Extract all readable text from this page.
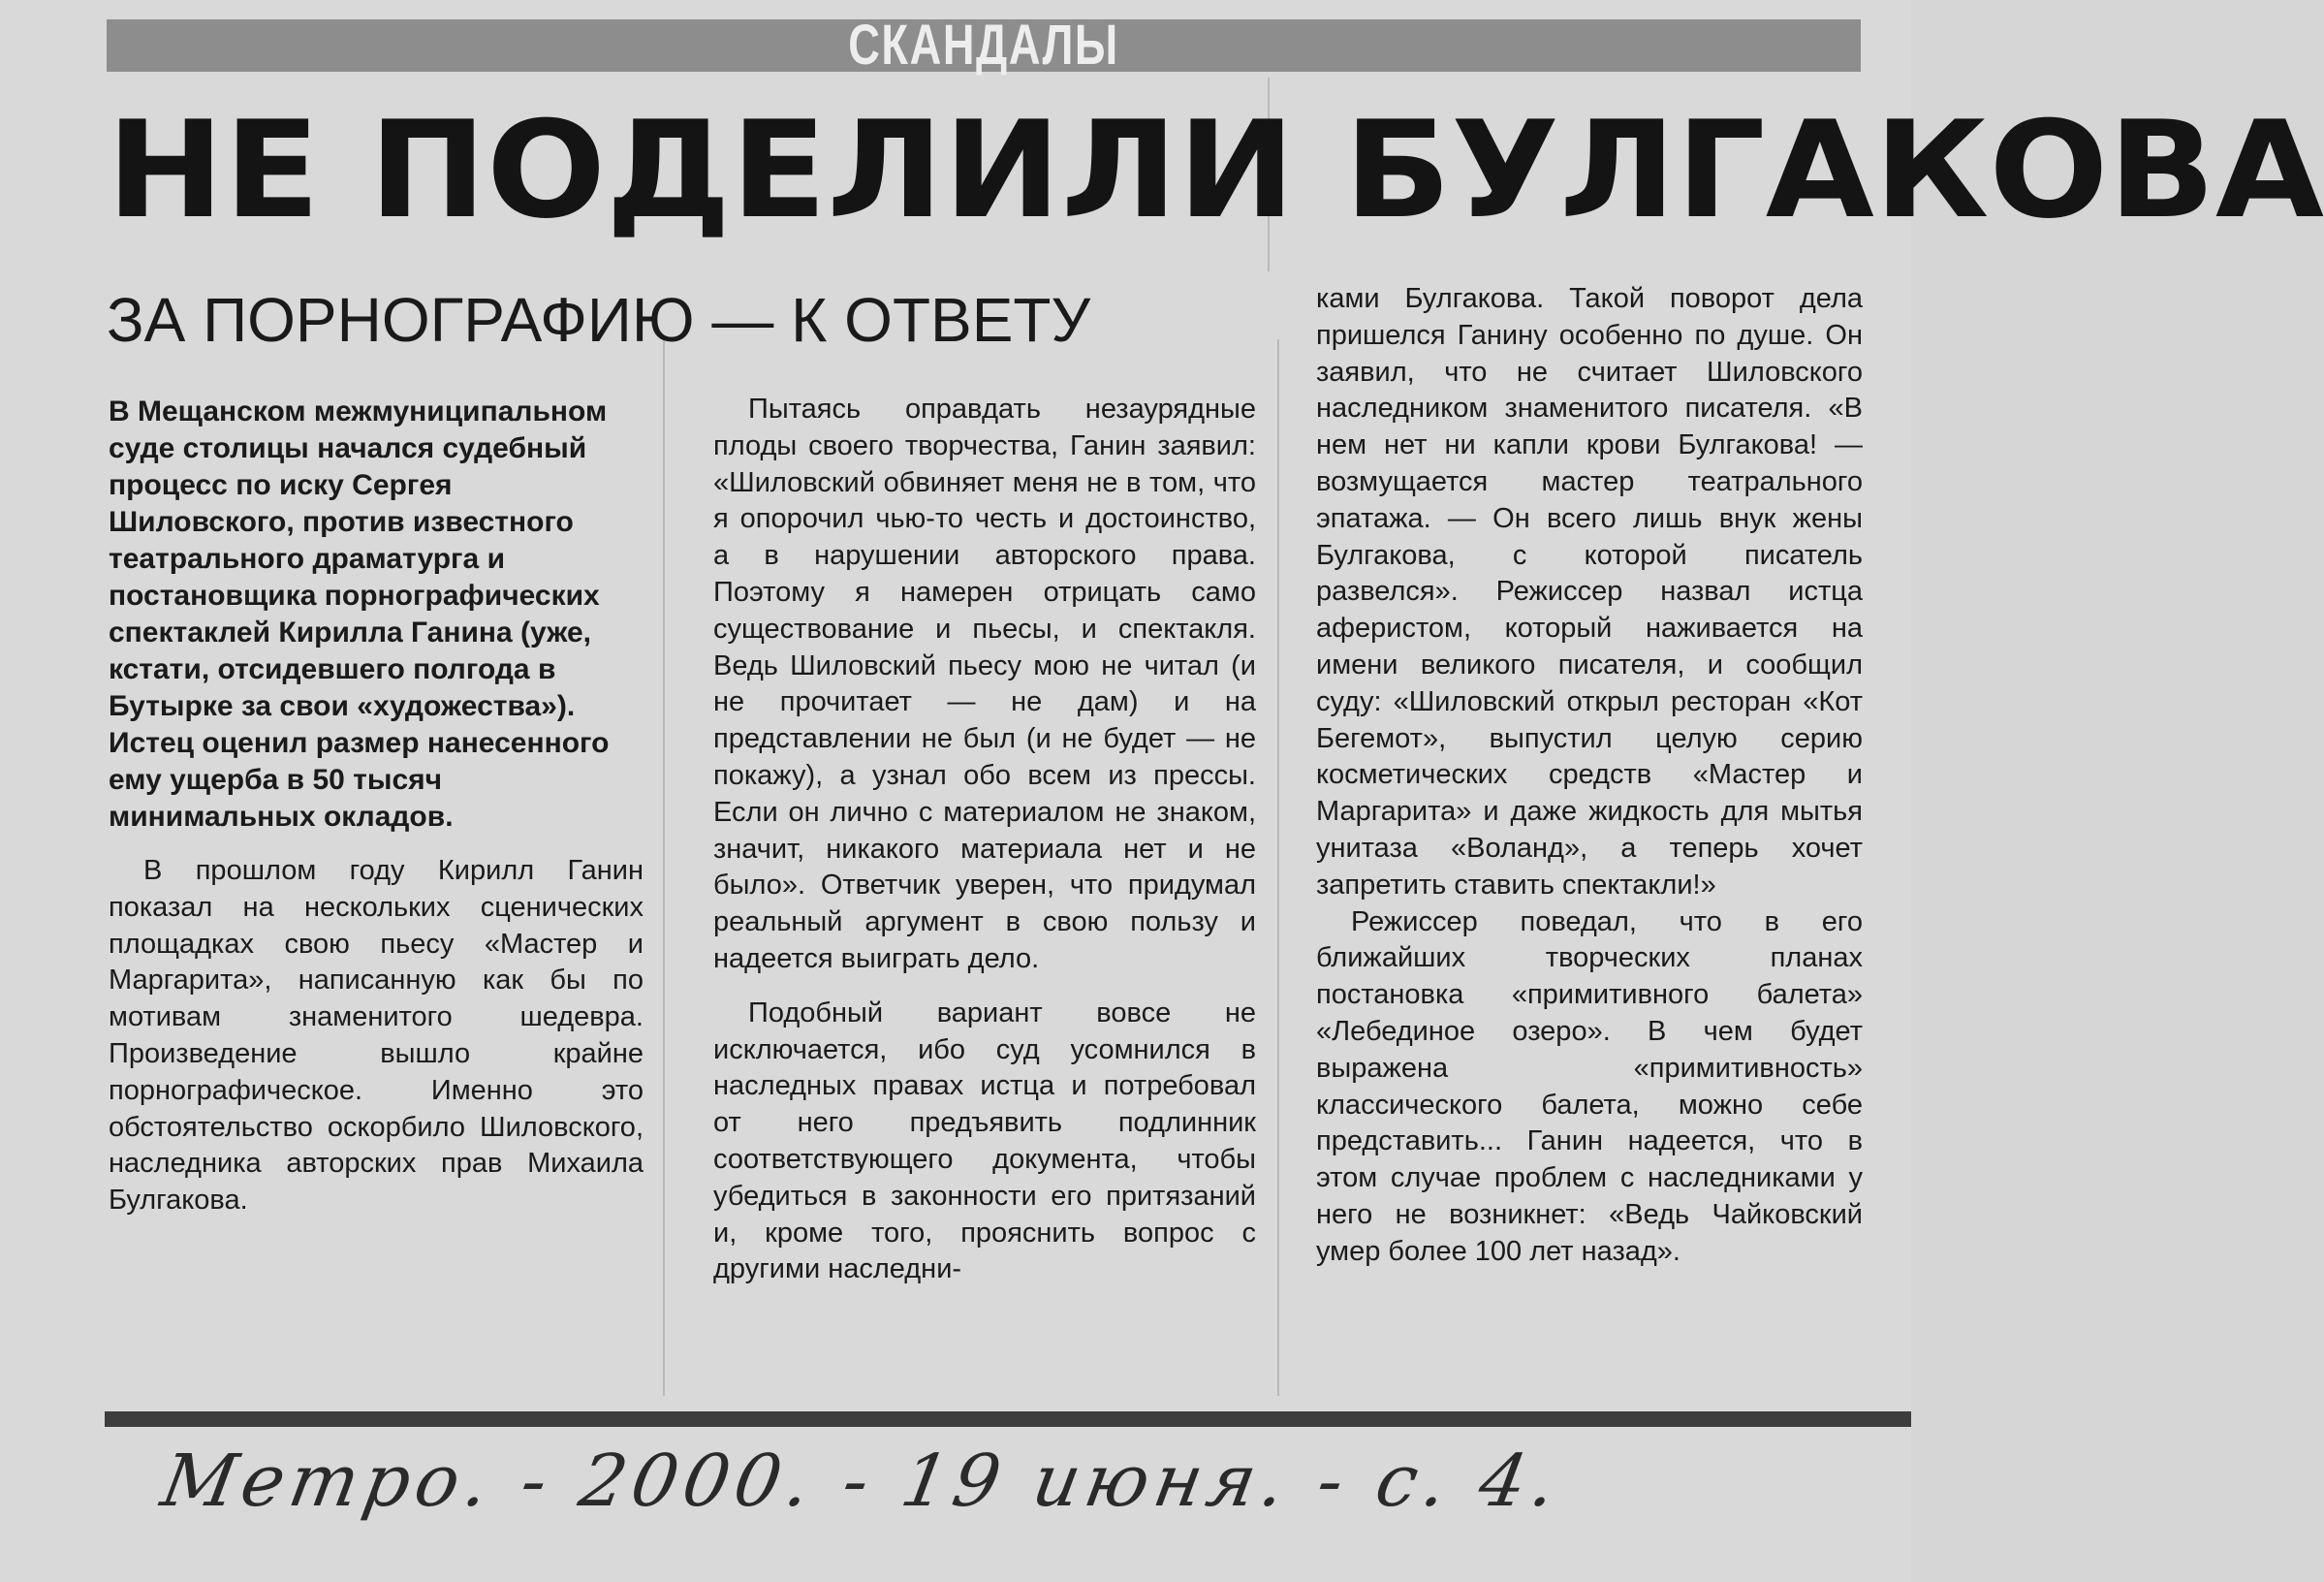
СКАНДАЛЫ
НЕ ПОДЕЛИЛИ БУЛГАКОВА
ЗА ПОРНОГРАФИЮ — К ОТВЕТУ

В Мещанском межмуниципальном суде столицы начался судебный процесс по иску Сергея Шиловского, против известного театрального драматурга и постановщика порнографических спектаклей Кирилла Ганина (уже, кстати, отсидевшего полгода в Бутырке за свои «художества»). Истец оценил размер нанесенного ему ущерба в 50 тысяч минимальных окладов.

В прошлом году Кирилл Ганин показал на нескольких сценических площадках свою пьесу «Мастер и Маргарита», написанную как бы по мотивам знаменитого шедевра. Произведение вышло крайне порнографическое. Именно это обстоятельство оскорбило Шиловского, наследника авторских прав Михаила Булгакова.

Пытаясь оправдать незаурядные плоды своего творчества, Ганин заявил: «Шиловский обвиняет меня не в том, что я опорочил чью-то честь и достоинство, а в нарушении авторского права. Поэтому я намерен отрицать само существование и пьесы, и спектакля. Ведь Шиловский пьесу мою не читал (и не прочитает — не дам) и на представлении не был (и не будет — не покажу), а узнал обо всем из прессы. Если он лично с материалом не знаком, значит, никакого материала нет и не было». Ответчик уверен, что придумал реальный аргумент в свою пользу и надеется выиграть дело.

Подобный вариант вовсе не исключается, ибо суд усомнился в наследных правах истца и потребовал от него предъявить подлинник соответствующего документа, чтобы убедиться в законности его притязаний и, кроме того, прояснить вопрос с другими наследни-

ками Булгакова. Такой поворот дела пришелся Ганину особенно по душе. Он заявил, что не считает Шиловского наследником знаменитого писателя. «В нем нет ни капли крови Булгакова! — возмущается мастер театрального эпатажа. — Он всего лишь внук жены Булгакова, с которой писатель развелся». Режиссер назвал истца аферистом, который наживается на имени великого писателя, и сообщил суду: «Шиловский открыл ресторан «Кот Бегемот», выпустил целую серию косметических средств «Мастер и Маргарита» и даже жидкость для мытья унитаза «Воланд», а теперь хочет запретить ставить спектакли!»

Режиссер поведал, что в его ближайших творческих планах постановка «примитивного балета» «Лебединое озеро». В чем будет выражена «примитивность» классического балета, можно себе представить... Ганин надеется, что в этом случае проблем с наследниками у него не возникнет: «Ведь Чайковский умер более 100 лет назад».

Метро. - 2000. - 19 июня. - с. 4.
